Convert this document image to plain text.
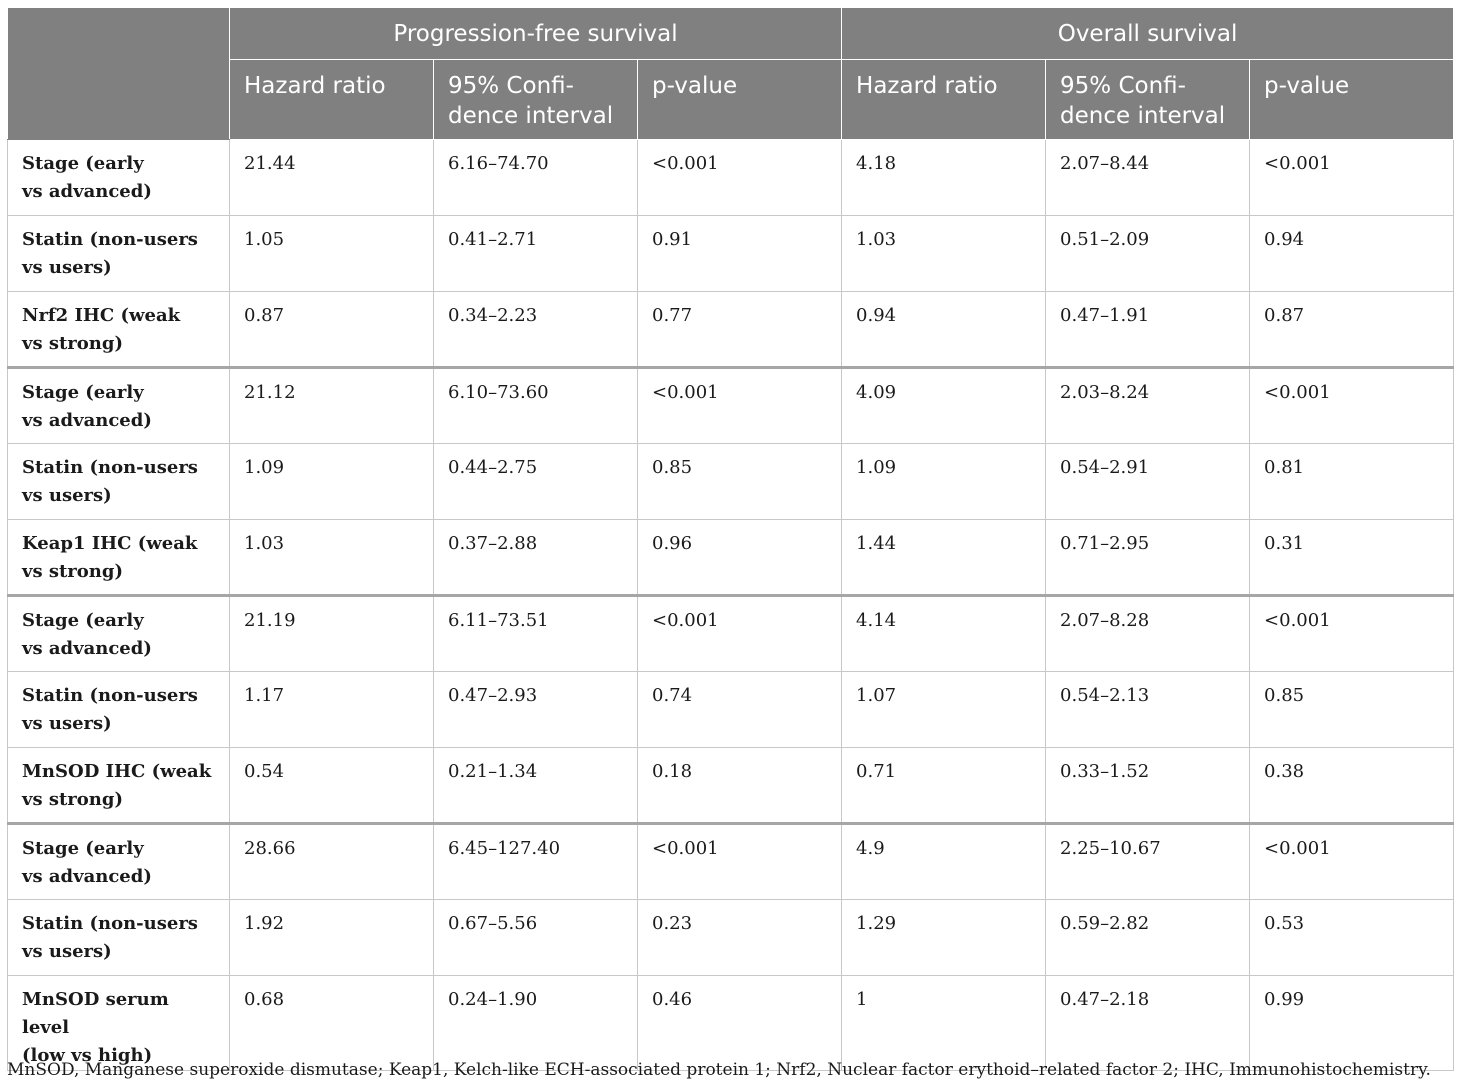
	Progression-free survival			Overall survival		
	Hazard ratio	95% Confi-
dence interval	p-value	Hazard ratio	95% Confi-
dence interval	p-value
Stage (early
vs advanced)	21.44	6.16–74.70	<0.001	4.18	2.07–8.44	<0.001
Statin (non-users
vs users)	1.05	0.41–2.71	0.91	1.03	0.51–2.09	0.94
Nrf2 IHC (weak
vs strong)	0.87	0.34–2.23	0.77	0.94	0.47–1.91	0.87
Stage (early
vs advanced)	21.12	6.10–73.60	<0.001	4.09	2.03–8.24	<0.001
Statin (non-users
vs users)	1.09	0.44–2.75	0.85	1.09	0.54–2.91	0.81
Keap1 IHC (weak
vs strong)	1.03	0.37–2.88	0.96	1.44	0.71–2.95	0.31
Stage (early
vs advanced)	21.19	6.11–73.51	<0.001	4.14	2.07–8.28	<0.001
Statin (non-users
vs users)	1.17	0.47–2.93	0.74	1.07	0.54–2.13	0.85
MnSOD IHC (weak
vs strong)	0.54	0.21–1.34	0.18	0.71	0.33–1.52	0.38
Stage (early
vs advanced)	28.66	6.45–127.40	<0.001	4.9	2.25–10.67	<0.001
Statin (non-users
vs users)	1.92	0.67–5.56	0.23	1.29	0.59–2.82	0.53
MnSOD serum level
(low vs high)	0.68	0.24–1.90	0.46	1	0.47–2.18	0.99
MnSOD, Manganese superoxide dismutase; Keap1, Kelch-like ECH-associated protein 1; Nrf2, Nuclear factor erythoid–related factor 2; IHC, Immunohistochemistry.
